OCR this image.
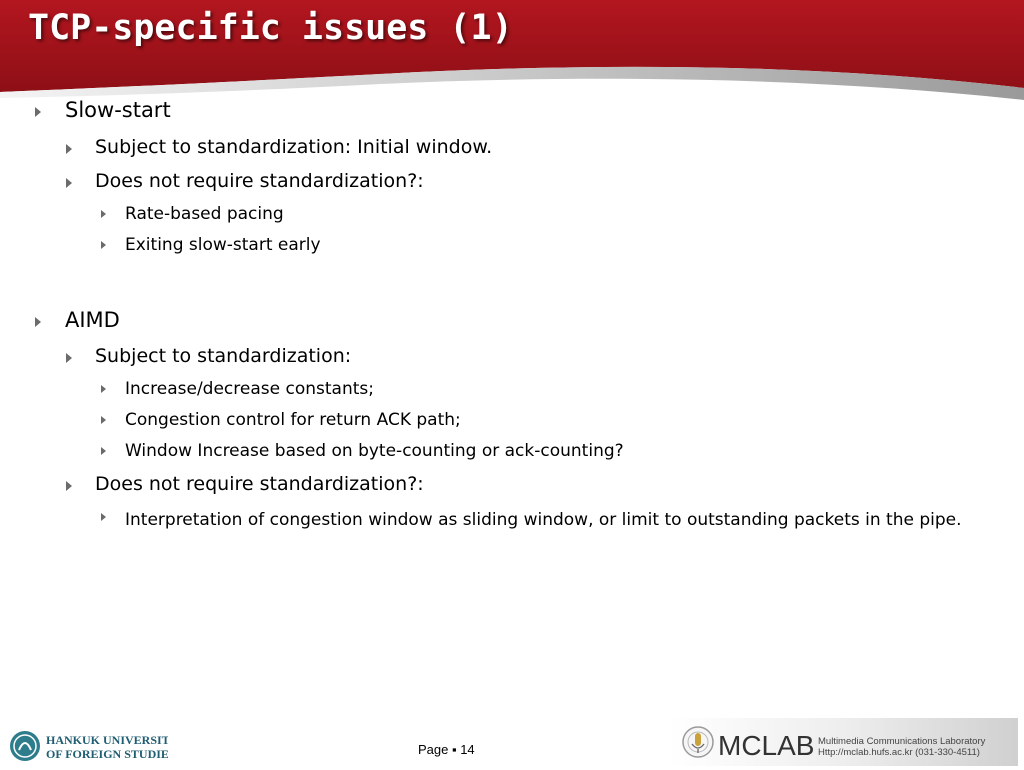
TCP-specific issues (1)
Slow-start
Subject to standardization: Initial window.
Does not require standardization?:
Rate-based pacing
Exiting slow-start early
AIMD
Subject to standardization:
Increase/decrease constants;
Congestion control for return ACK path;
Window Increase based on byte-counting or ack-counting?
Does not require standardization?:
Interpretation of congestion window as sliding window, or limit to outstanding packets in the pipe.
HANKUK UNIVERSITY
OF FOREIGN STUDIES	Page ▪ 14	MCLAB Multimedia Communications Laboratory
Http://mclab.hufs.ac.kr (031-330-4511)
